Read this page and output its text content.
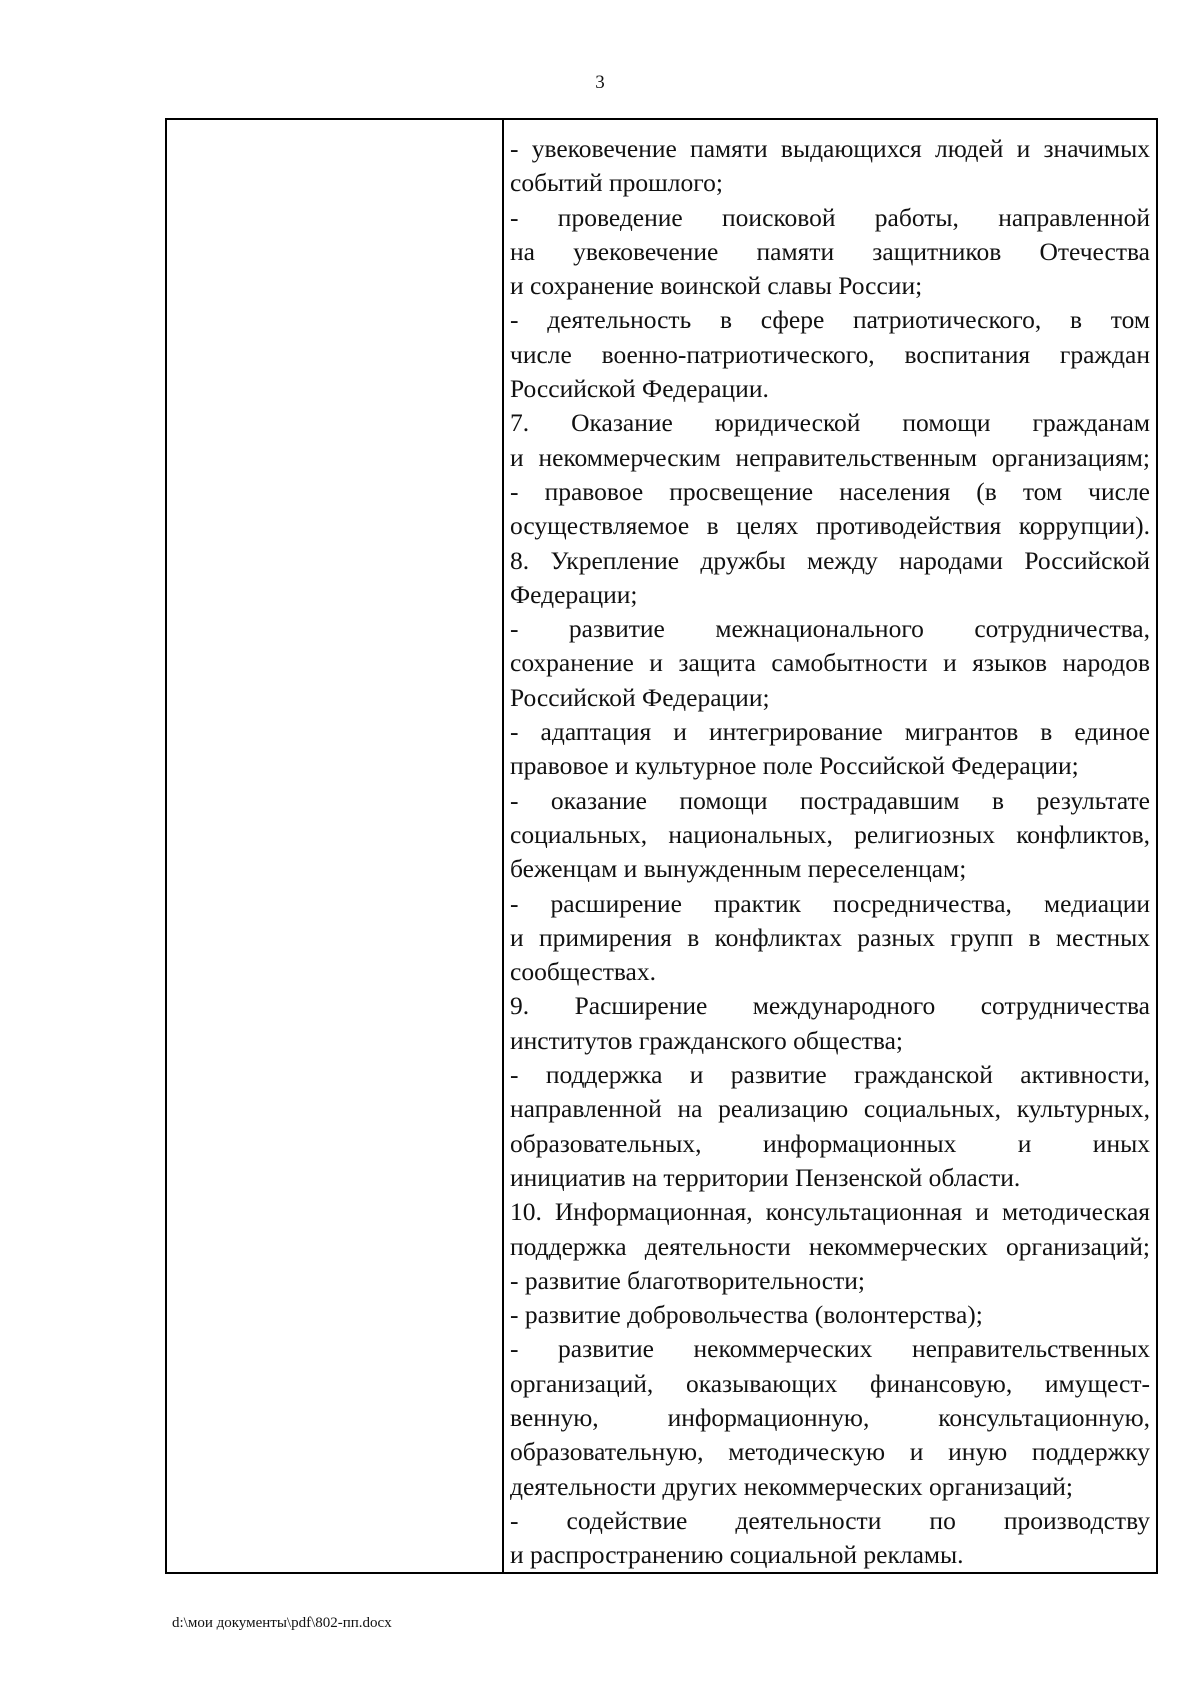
3
- увековечение памяти выдающихся людей и значимых
событий прошлого;
- проведение поисковой работы, направленной
на увековечение памяти защитников Отечества
и сохранение воинской славы России;
- деятельность в сфере патриотического, в том
числе военно-патриотического, воспитания граждан
Российской Федерации.
7. Оказание юридической помощи гражданам
и некоммерческим неправительственным организациям;
- правовое просвещение населения (в том числе
осуществляемое в целях противодействия коррупции).
8. Укрепление дружбы между народами Российской
Федерации;
- развитие межнационального сотрудничества,
сохранение и защита самобытности и языков народов
Российской Федерации;
- адаптация и интегрирование мигрантов в единое
правовое и культурное поле Российской Федерации;
- оказание помощи пострадавшим в результате
социальных, национальных, религиозных конфликтов,
беженцам и вынужденным переселенцам;
- расширение практик посредничества, медиации
и примирения в конфликтах разных групп в местных
сообществах.
9. Расширение международного сотрудничества
институтов гражданского общества;
- поддержка и развитие гражданской активности,
направленной на реализацию социальных, культурных,
образовательных, информационных и иных
инициатив на территории Пензенской области.
10. Информационная, консультационная и методическая
поддержка деятельности некоммерческих организаций;
- развитие благотворительности;
- развитие добровольчества (волонтерства);
- развитие некоммерческих неправительственных
организаций, оказывающих финансовую, имущест-
венную, информационную, консультационную,
образовательную, методическую и иную поддержку
деятельности других некоммерческих организаций;
- содействие деятельности по производству
и распространению социальной рекламы.
d:\мои документы\pdf\802-пп.docx
